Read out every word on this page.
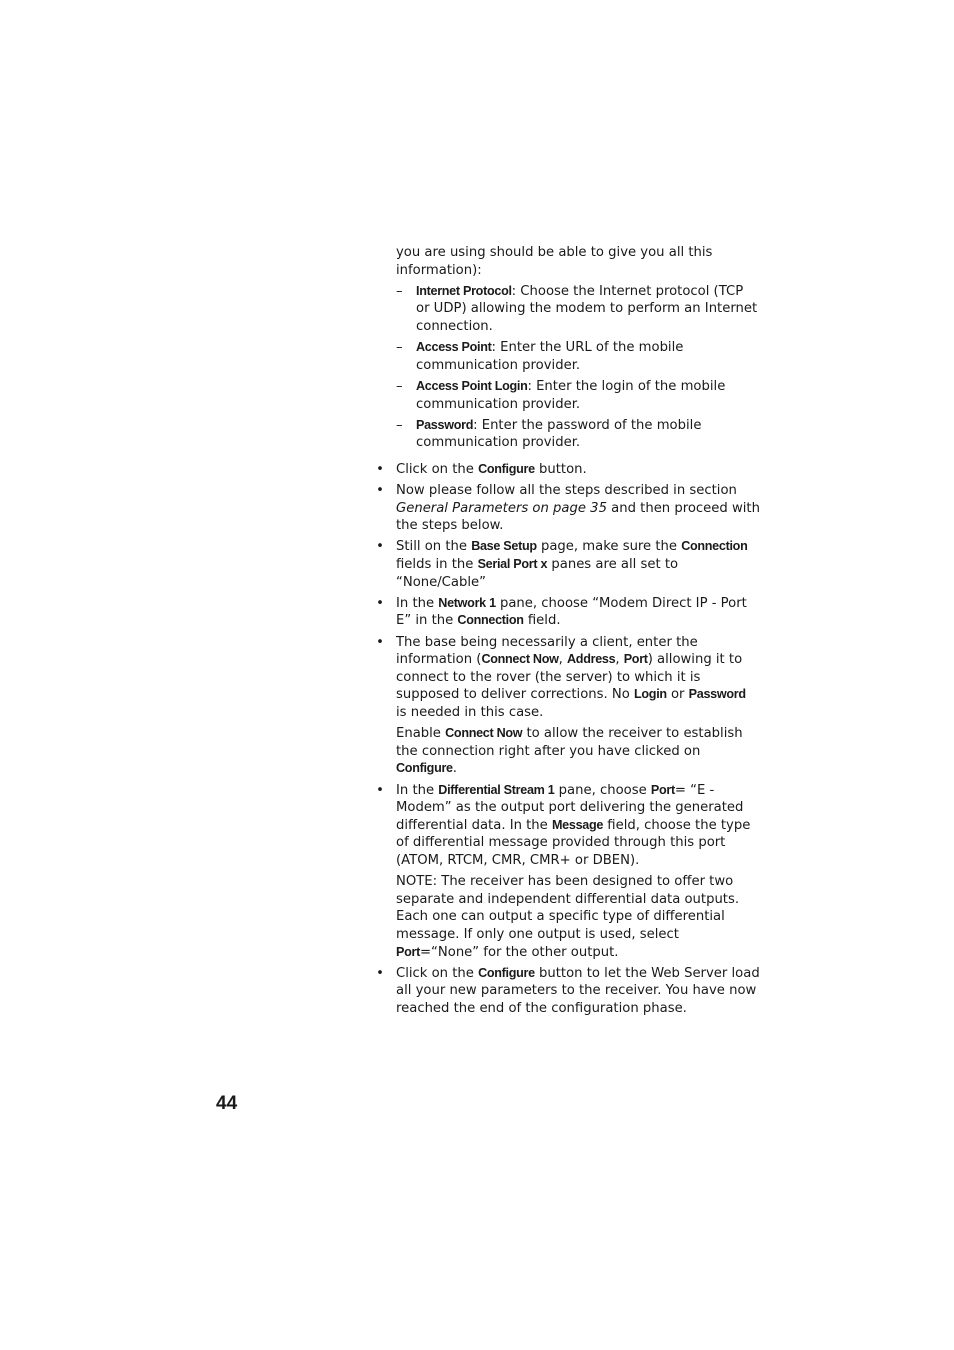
you are using should be able to give you all this
information):

– Internet Protocol: Choose the Internet protocol (TCP or UDP) allowing the modem to perform an Internet connection.
– Access Point: Enter the URL of the mobile communication provider.
– Access Point Login: Enter the login of the mobile communication provider.
– Password: Enter the password of the mobile communication provider.
• Click on the Configure button.
• Now please follow all the steps described in section General Parameters on page 35 and then proceed with the steps below.
• Still on the Base Setup page, make sure the Connection fields in the Serial Port x panes are all set to “None/Cable”
• In the Network 1 pane, choose “Modem Direct IP - Port E” in the Connection field.
• The base being necessarily a client, enter the information (Connect Now, Address, Port) allowing it to connect to the rover (the server) to which it is supposed to deliver corrections. No Login or Password is needed in this case.
Enable Connect Now to allow the receiver to establish the connection right after you have clicked on Configure.
• In the Differential Stream 1 pane, choose Port= “E - Modem” as the output port delivering the generated differential data. In the Message field, choose the type of differential message provided through this port (ATOM, RTCM, CMR, CMR+ or DBEN).
NOTE: The receiver has been designed to offer two separate and independent differential data outputs. Each one can output a specific type of differential message. If only one output is used, select Port=“None” for the other output.
• Click on the Configure button to let the Web Server load all your new parameters to the receiver. You have now reached the end of the configuration phase.
44
